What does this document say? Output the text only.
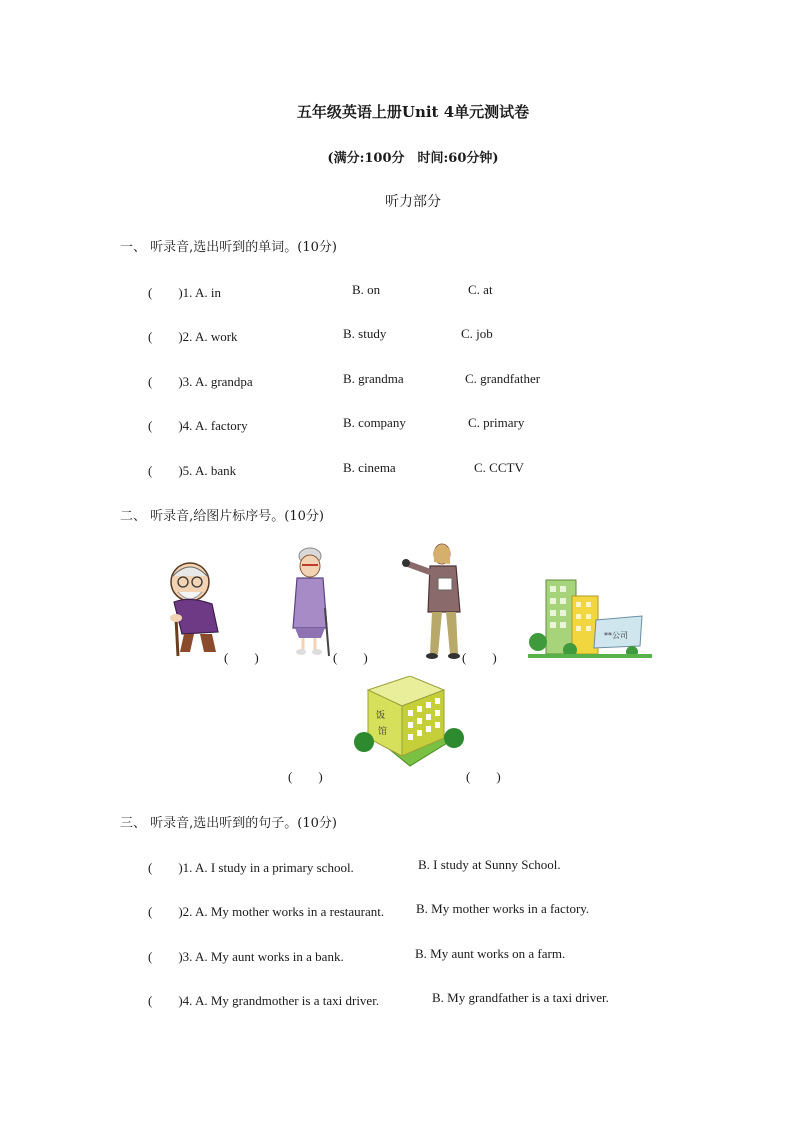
五年级英语上册Unit 4单元测试卷
(满分:100分　时间:60分钟)
听力部分
一、 听录音,选出听到的单词。(10分)
(　　)1. A. in	B. on	C. at
(　　)2. A. work	B. study	C. job
(　　)3. A. grandpa	B. grandma	C. grandfather
(　　)4. A. factory	B. company	C. primary
(　　)5. A. bank	B. cinema	C. CCTV
二、 听录音,给图片标序号。(10分)
(　　)	(　　)	(　　)
**公司
饭
馆
(　　)	(　　)
三、 听录音,选出听到的句子。(10分)
(　　)1. A. I study in a primary school.	B. I study at Sunny School.
(　　)2. A. My mother works in a restaurant. B. My mother works in a factory.
(　　)3. A. My aunt works in a bank.	B. My aunt works on a farm.
(　　)4. A. My grandmother is a taxi driver.	B. My grandfather is a taxi driver.
